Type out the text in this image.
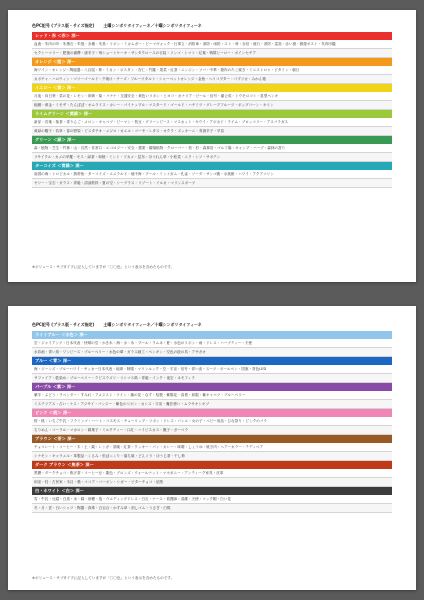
色PC記号 (プラス版・サイズ指定) 土曜シンボリタイフィーネ／十曜シンボリタイフィーネ
レッド・赤 ＜赤＞ 深ー
血液・朱肉の印・朱墨石・朱殻・赤穂・朱鳥・リボン・ミカムガー・ピーマヴォック・行事立・消防車・消防・雨防・スト・苺・赤信・流行・消防・雷鳥・赤い旗・郵便ポスト・朱肉印鑑
セクシーマリー・肥後の蒲鉾・唐辛子・苺ショートケーキ・サンタクロースの衣装・リンゴ・トマト・紅葉・戦隊ヒーロー・ポインセチア
オレンジ ＜橙＞ 深ー
海ワイン・オレンジ・陶磁器・八百屋・柿・ミカン・ボスタン・杏仁・竹籠・果菜・紅茶・ニンジン・ソバ・中華・鶏肉のたこ焼き・ミニストロゥ・ビタミン・朝日
カボチャ・ハロウィン・マリーゴールド・夕焼け・チーズ・フルーツタルト・シャーベットオレンジ・金魚・ヘリコプター・パプリカ・みかん箱
イエロー ＜黄＞ 深ー
月夜・向日葵・菜の花・レモン・卵黄・菊・バナナ・交通安全・黄色いリボン・ヒヨコ・カナリア・ビール・信号・蒲公英・トウモロコシ・星型ペンキ
稲穂・黄金・ミモザ・たんぽぽ・オムライス・カレー・パイナップル・マスタード・ゴールド・ハチミツ・グレープフルーツ・ポップコーン・キリン
ライムグリーン ＜黄緑＞ 深ー
新芽・若葉・抹茶・青りんご・メロン・キャベツ・ピーマン・枝豆・グリーンピース・マスカット・キウイ・アボカド・ライム・ブロッコリー・アスパラガス
黄緑の帽子・若草・春の野原・ピスタチオ・メジロ・カエル・ゴーヤ・レタス・オクラ・ズッキーニ・青唐辛子・早苗
グリーン ＜緑＞ 深ー
森・植物・芝生・竹林・山・自然・非常口・エコロジー・安全・農業・観葉植物・クローバー・松・杉・森林浴・ゴルフ場・キャンプ・ハーブ・森林の香り
リサイクル・カメの甲羅・モス・緑茶・和柄・ミント・ワカメ・昆布・ほうれん草・小松菜・ニラ・シソ・サボテン
ターコイズ ＜青緑＞ 深ー
南国の海・トロピカル・熱帯魚・ターコイズ・エメラルド・地中海・プール・ミントガム・孔雀・ソーダ・サンゴ礁・水族館・ハワイ・アクアマリン
ゼリー・宝石・ガラス・青磁・清涼飲料・夏の空・シーグラス・リゾート・イルカ・マリンスポーツ
※ボリュース・サブタイプに記入していますが「〇〇色」という表示を含めたものです。
色PC記号 (プラス版・サイズ指定) 土曜シンボリタイフィーネ／十曜シンボリタイフィーネ
ライトブルー ＜水色＞ 深ー
空・ジャイアンツ・日本代表・快晴の空・かき氷・海・水・氷・プール・ラムネ・夏・水色のリボン・雨・ドレス・ハーブティー・天使
水彩画・青い鳥・ワンピース・ブルーベリー・水色の傘・ガラス細工・ペンギン・空色の絵の具・アサガオ
ブルー ＜青＞ 深ー
海・ジーンズ・ブルーハワイ・サッカー日本代表・地球・制服・マリンルック・空・宇宙・信号・青い炎・スーツ・ボールペン・国旗・青色LED
サファイア・藍染め・ブルーベリー・ラピスラズリ・リトマス紙・青磁・インク・夜空・ネモフィラ
パープル ＜紫＞ 深ー
紫芋・ぶどう・ラベンダー・すみれ・アメジスト・ワイン・藤の花・なす・桔梗・紫陽花・高貴・和服・紫キャベツ・ブルーベリー
ミステリアス・占い・ナス・アジサイ・パンジー・紫色のリボン・カシス・宇宙・魔法使い・ムラサキシキブ
ピンク ＜桃＞ 深ー
桜・桃・いちご牛乳・フラミンゴ・ハート・コスモス・チューリップ・リボン・ドレス・バレエ・女の子・ベビー用品・ひな祭り・ピンクのバラ
ちりめん・コーラル・マカロン・綿菓子・ミルクティー・口紅・ハイビスカス・撫子・ガーベラ
ブラウン ＜茶＞ 深ー
チョコレート・コーヒー・木・土・栗・レンガ・茶碗・紅茶・クッキー・パン・カレー・味噌・しょうゆ・焼き肉・ヘアーカラー・テディベア
シナモン・キャラメル・革製品・くるみ・松ぼっくり・落ち葉・どんぐり・ほうじ茶・干し柿
ダーク ブラウン ＜焦茶＞ 深ー
黒糖・ダークチョコ・焦げ茶・コーヒー豆・栗色・ブロンズ・ウォールナット・マホガニー・アンティーク家具・皮革
和室・柱・古民家・木目・墨・ココア・バーボン・シガー・ビターチョコ・焙煎
白・ホワイト ＜白＞ 深ー
雪・牛乳・豆腐・白鳥・米・綿・砂糖・塩・ウエディングドレス・白衣・ナース・看護師・清潔・天使・コック帽・白い花
冬・月・雲・白いシャツ・陶器・真珠・白百合・かすみ草・消しゴム・うさぎ・白熊
※ボリュース・サブタイプに記入していますが「〇〇色」という表示を含めたものです。
